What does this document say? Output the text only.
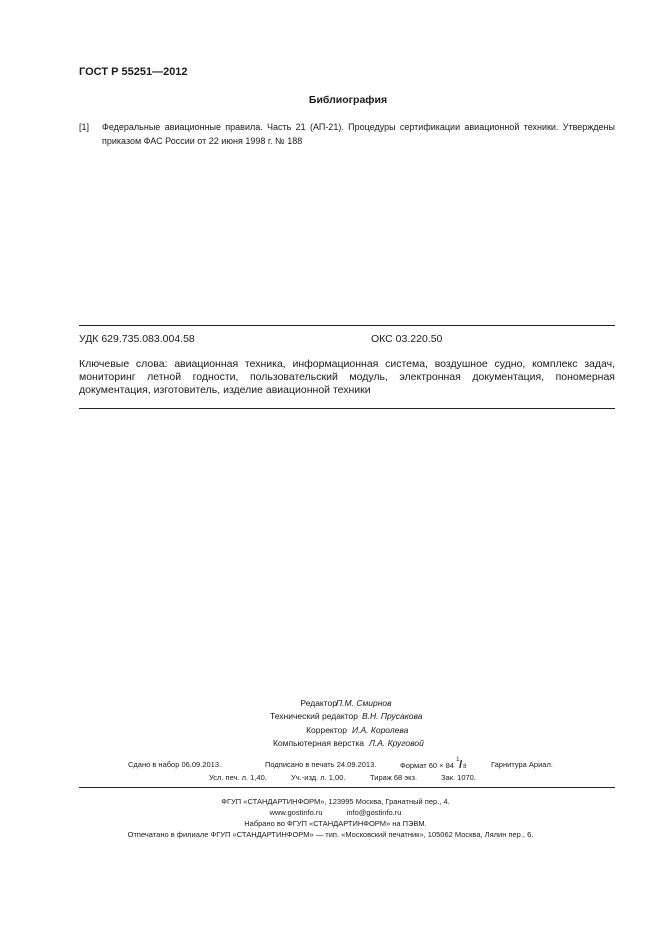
ГОСТ Р 55251—2012
Библиография
[1] Федеральные авиационные правила. Часть 21 (АП-21). Процедуры сертификации авиационной техники. Утверждены приказом ФАС России от 22 июня 1998 г. № 188
УДК 629.735.083.004.58	ОКС 03.220.50
Ключевые слова: авиационная техника, информационная система, воздушное судно, комплекс задач, мониторинг летной годности, пользовательский модуль, электронная документация, пономерная документация, изготовитель, изделие авиационной техники
Редактор П.М. Смирнов
Технический редактор В.Н. Прусакова
Корректор И.А. Королева
Компьютерная верстка Л.А. Круговой
Сдано в набор 06.09.2013.	Подписано в печать 24.09.2013.	Формат 60 × 84
1 / 8	Гарнитура Ариал.
Усл. печ. л. 1,40.	Уч.-изд. л. 1,00.	Тираж 68 экз.	Зак. 1070.
ФГУП «СТАНДАРТИНФОРМ», 123995 Москва, Гранатный пер., 4.
www.gostinfo.ru	info@gostinfo.ru
Набрано во ФГУП «СТАНДАРТИНФОРМ» на ПЭВМ.
Отпечатано в филиале ФГУП «СТАНДАРТИНФОРМ» — тип. «Московский печатник», 105062 Москва, Лялин пер., 6.
